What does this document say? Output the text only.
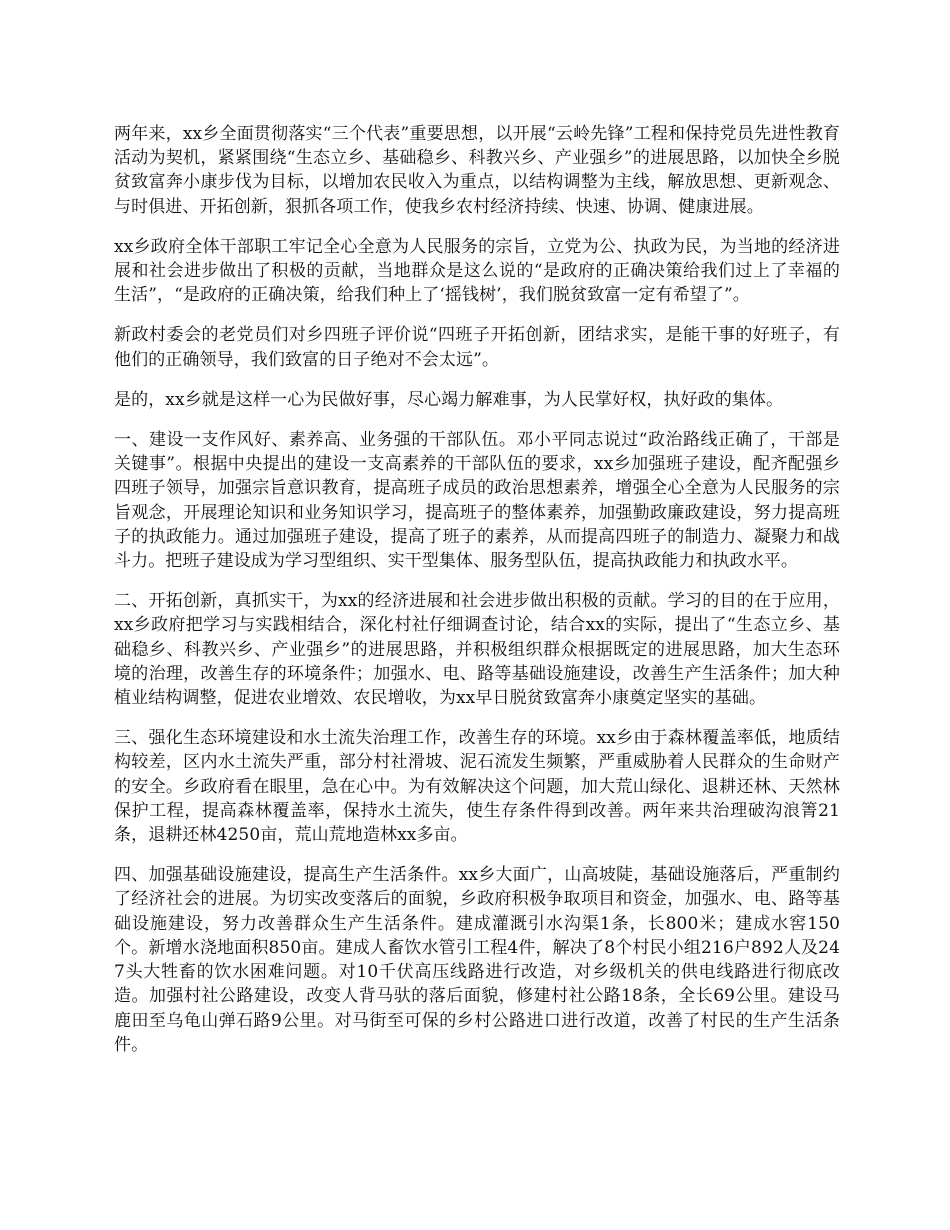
两年来，xx乡全面贯彻落实“三个代表”重要思想，以开展“云岭先锋”工程和保持党员先进性教育活动为契机，紧紧围绕“生态立乡、基础稳乡、科教兴乡、产业强乡”的进展思路，以加快全乡脱贫致富奔小康步伐为目标，以增加农民收入为重点，以结构调整为主线，解放思想、更新观念、与时俱进、开拓创新，狠抓各项工作，使我乡农村经济持续、快速、协调、健康进展。

xx乡政府全体干部职工牢记全心全意为人民服务的宗旨，立党为公、执政为民，为当地的经济进展和社会进步做出了积极的贡献，当地群众是这么说的“是政府的正确决策给我们过上了幸福的生活”，“是政府的正确决策，给我们种上了‘摇钱树’，我们脱贫致富一定有希望了”。

新政村委会的老党员们对乡四班子评价说“四班子开拓创新，团结求实，是能干事的好班子，有他们的正确领导，我们致富的日子绝对不会太远”。

是的，xx乡就是这样一心为民做好事，尽心竭力解难事，为人民掌好权，执好政的集体。

一、建设一支作风好、素养高、业务强的干部队伍。邓小平同志说过“政治路线正确了，干部是关键事”。根据中央提出的建设一支高素养的干部队伍的要求，xx乡加强班子建设，配齐配强乡四班子领导，加强宗旨意识教育，提高班子成员的政治思想素养，增强全心全意为人民服务的宗旨观念，开展理论知识和业务知识学习，提高班子的整体素养，加强勤政廉政建设，努力提高班子的执政能力。通过加强班子建设，提高了班子的素养，从而提高四班子的制造力、凝聚力和战斗力。把班子建设成为学习型组织、实干型集体、服务型队伍，提高执政能力和执政水平。

二、开拓创新，真抓实干，为xx的经济进展和社会进步做出积极的贡献。学习的目的在于应用，xx乡政府把学习与实践相结合，深化村社仔细调查讨论，结合xx的实际，提出了“生态立乡、基础稳乡、科教兴乡、产业强乡”的进展思路，并积极组织群众根据既定的进展思路，加大生态环境的治理，改善生存的环境条件；加强水、电、路等基础设施建设，改善生产生活条件；加大种植业结构调整，促进农业增效、农民增收，为xx早日脱贫致富奔小康奠定坚实的基础。

三、强化生态环境建设和水土流失治理工作，改善生存的环境。xx乡由于森林覆盖率低，地质结构较差，区内水土流失严重，部分村社滑坡、泥石流发生频繁，严重威胁着人民群众的生命财产的安全。乡政府看在眼里，急在心中。为有效解决这个问题，加大荒山绿化、退耕还林、天然林保护工程，提高森林覆盖率，保持水土流失，使生存条件得到改善。两年来共治理破沟浪箐21条，退耕还林4250亩，荒山荒地造林xx多亩。

四、加强基础设施建设，提高生产生活条件。xx乡大面广，山高坡陡，基础设施落后，严重制约了经济社会的进展。为切实改变落后的面貌，乡政府积极争取项目和资金，加强水、电、路等基础设施建设，努力改善群众生产生活条件。建成灌溉引水沟渠1条，长800米；建成水窖150个。新增水浇地面积850亩。建成人畜饮水管引工程4件，解决了8个村民小组216户892人及247头大牲畜的饮水困难问题。对10千伏高压线路进行改造，对乡级机关的供电线路进行彻底改造。加强村社公路建设，改变人背马驮的落后面貌，修建村社公路18条，全长69公里。建设马鹿田至乌龟山弹石路9公里。对马街至可保的乡村公路进口进行改道，改善了村民的生产生活条件。
